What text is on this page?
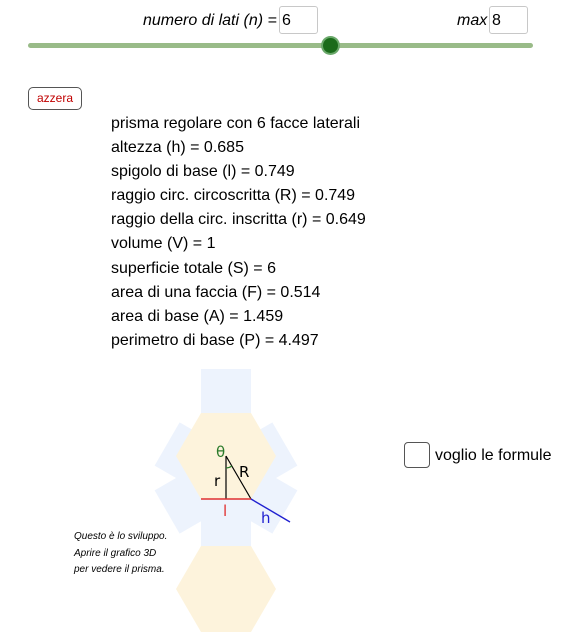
numero di lati (n) = 6	max 8
azzera
prisma regolare con 6 facce laterali
altezza (h) = 0.685
spigolo di base (l) = 0.749
raggio circ. circoscritta (R) = 0.749
raggio della circ. inscritta (r) = 0.649
volume (V) = 1
superficie totale (S) = 6
area di una faccia (F) = 0.514
area di base (A) = 1.459
perimetro di base (P) = 4.497
θ
R
r
l h
voglio le formule
Questo è lo sviluppo.
Aprire il grafico 3D
per vedere il prisma.
